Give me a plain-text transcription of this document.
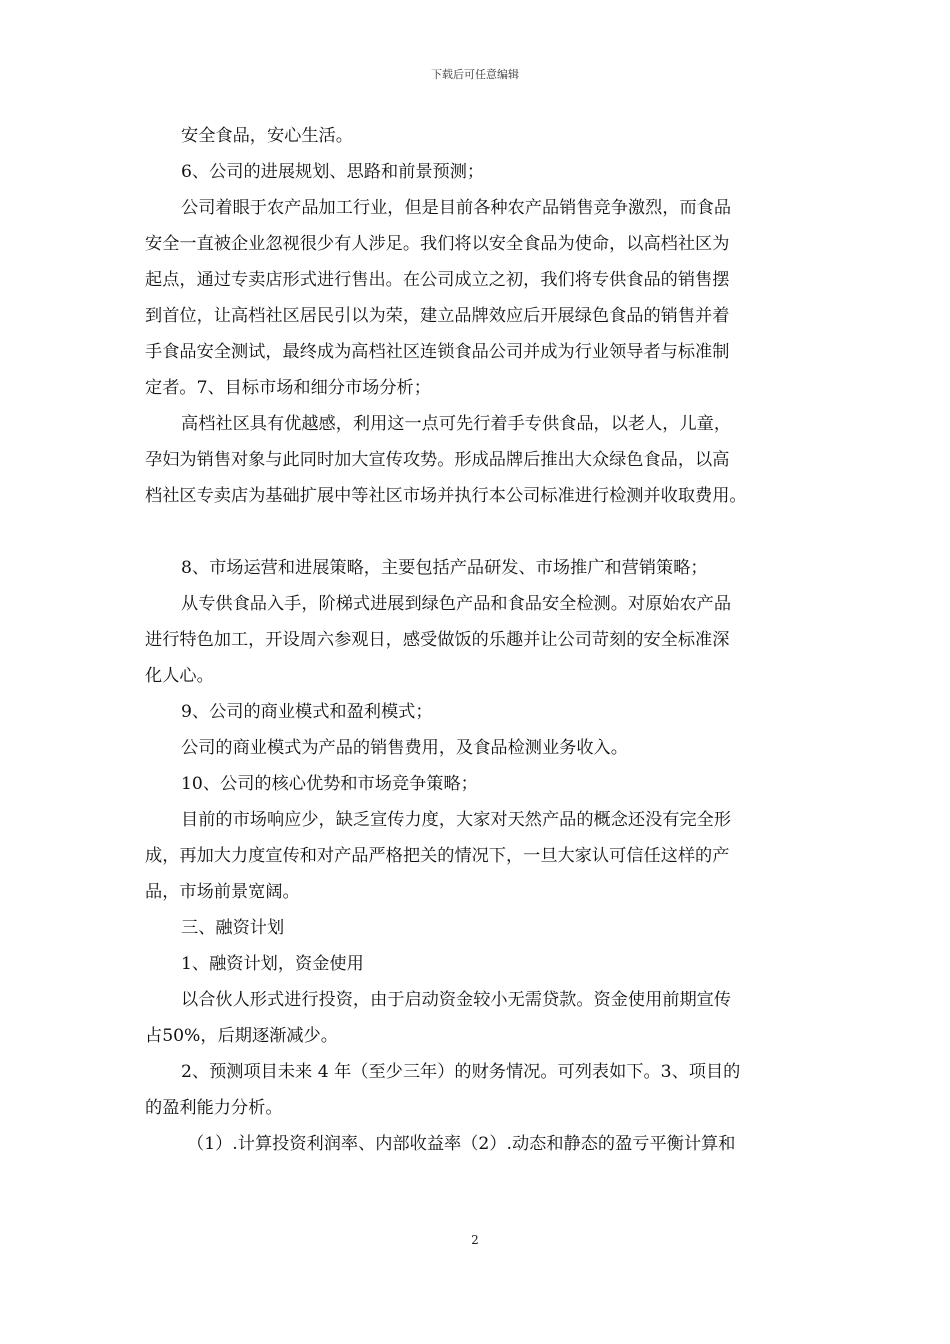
下载后可任意编辑

安全食品，安心生活。

6、公司的进展规划、思路和前景预测；

公司着眼于农产品加工行业，但是目前各种农产品销售竞争激烈，而食品

安全一直被企业忽视很少有人涉足。我们将以安全食品为使命，以高档社区为

起点，通过专卖店形式进行售出。在公司成立之初，我们将专供食品的销售摆

到首位，让高档社区居民引以为荣，建立品牌效应后开展绿色食品的销售并着

手食品安全测试，最终成为高档社区连锁食品公司并成为行业领导者与标准制

定者。7、目标市场和细分市场分析；

高档社区具有优越感，利用这一点可先行着手专供食品，以老人，儿童，

孕妇为销售对象与此同时加大宣传攻势。形成品牌后推出大众绿色食品，以高

档社区专卖店为基础扩展中等社区市场并执行本公司标准进行检测并收取费用。

8、市场运营和进展策略，主要包括产品研发、市场推广和营销策略；

从专供食品入手，阶梯式进展到绿色产品和食品安全检测。对原始农产品

进行特色加工，开设周六参观日，感受做饭的乐趣并让公司苛刻的安全标准深

化人心。

9、公司的商业模式和盈利模式；

公司的商业模式为产品的销售费用，及食品检测业务收入。

10、公司的核心优势和市场竞争策略；

目前的市场响应少，缺乏宣传力度，大家对天然产品的概念还没有完全形

成，再加大力度宣传和对产品严格把关的情况下，一旦大家认可信任这样的产

品，市场前景宽阔。

三、融资计划

1、融资计划，资金使用

以合伙人形式进行投资，由于启动资金较小无需贷款。资金使用前期宣传

占50%，后期逐渐减少。

2、预测项目未来 4 年（至少三年）的财务情况。可列表如下。3、项目的

的盈利能力分析。

（1）.计算投资利润率、内部收益率（2）.动态和静态的盈亏平衡计算和

2
